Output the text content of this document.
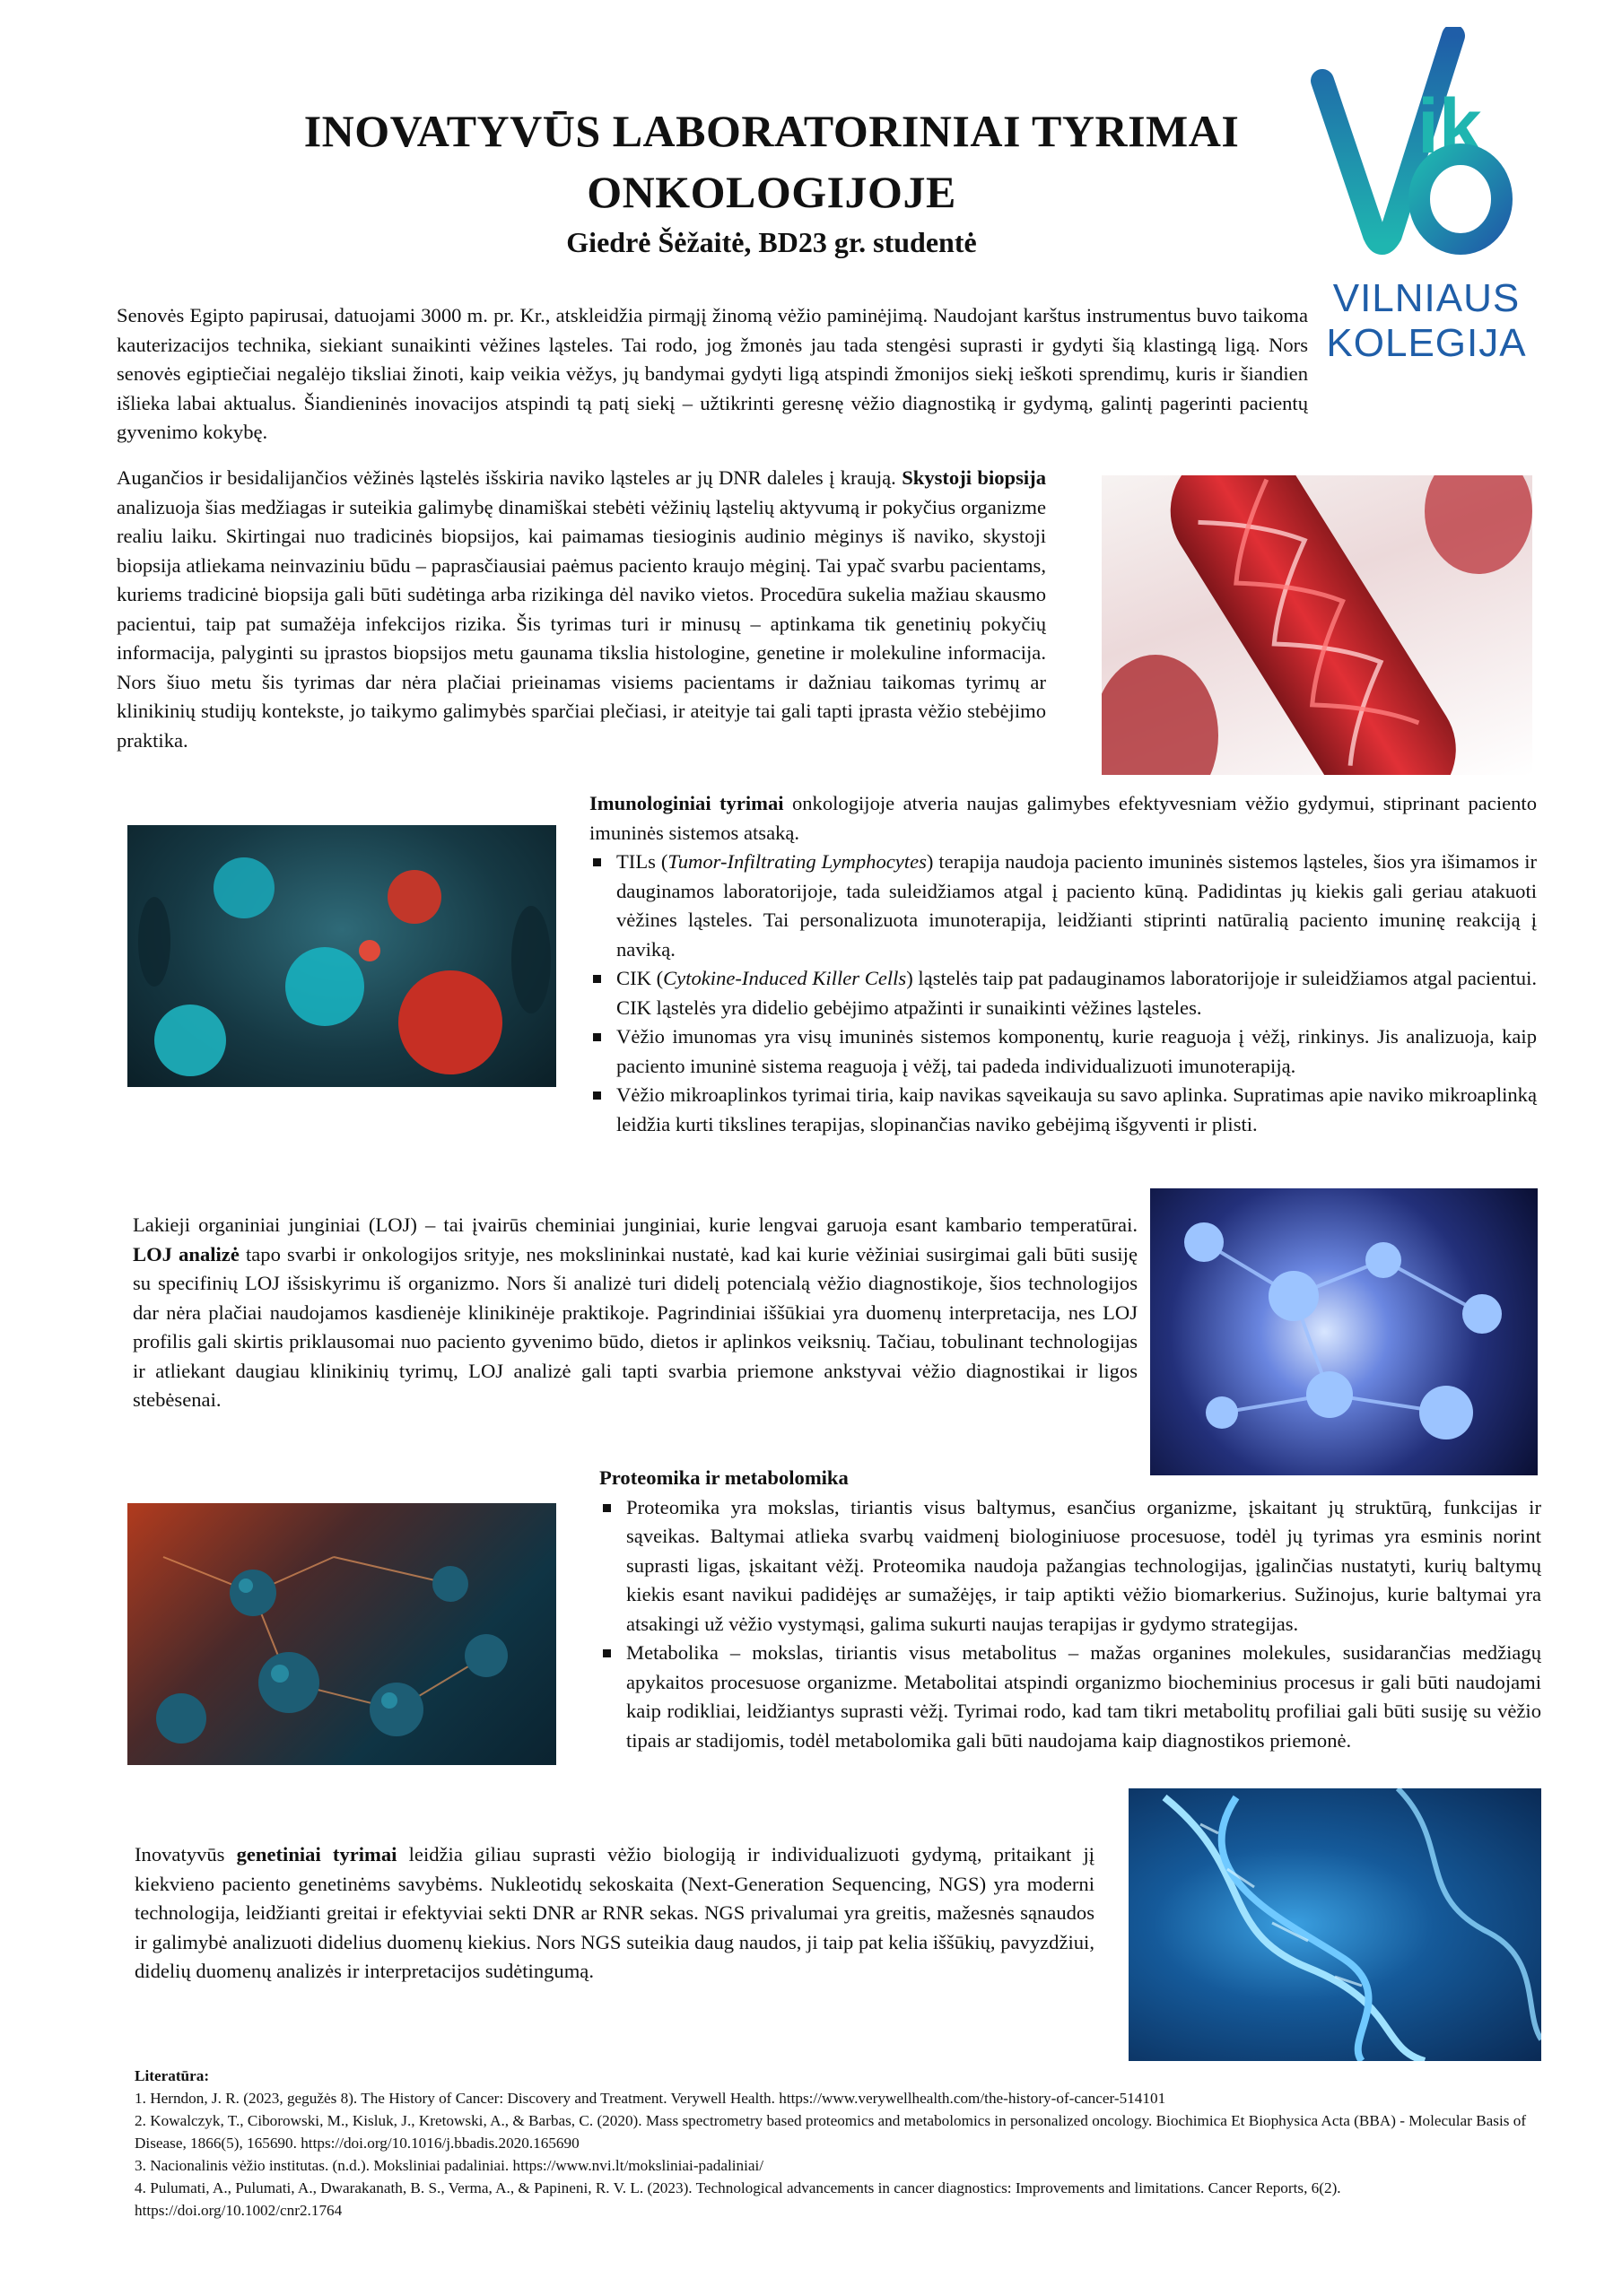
INOVATYVŪS LABORATORINIAI TYRIMAI
ONKOLOGIJOJE
Giedrė Šėžaitė, BD23 gr. studentė
ik
VILNIAUS
KOLEGIJA

Senovės Egipto papirusai, datuojami 3000 m. pr. Kr., atskleidžia pirmąjį žinomą vėžio paminėjimą. Naudojant karštus instrumentus buvo taikoma kauterizacijos technika, siekiant sunaikinti vėžines ląsteles. Tai rodo, jog žmonės jau tada stengėsi suprasti ir gydyti šią klastingą ligą. Nors senovės egiptiečiai negalėjo tiksliai žinoti, kaip veikia vėžys, jų bandymai gydyti ligą atspindi žmonijos siekį ieškoti sprendimų, kuris ir šiandien išlieka labai aktualus. Šiandieninės inovacijos atspindi tą patį siekį – užtikrinti geresnę vėžio diagnostiką ir gydymą, galintį pagerinti pacientų gyvenimo kokybę.

Augančios ir besidalijančios vėžinės ląstelės išskiria naviko ląsteles ar jų DNR daleles į kraują. Skystoji biopsija analizuoja šias medžiagas ir suteikia galimybę dinamiškai stebėti vėžinių ląstelių aktyvumą ir pokyčius organizme realiu laiku. Skirtingai nuo tradicinės biopsijos, kai paimamas tiesioginis audinio mėginys iš naviko, skystoji biopsija atliekama neinvaziniu būdu – paprasčiausiai paėmus paciento kraujo mėginį. Tai ypač svarbu pacientams, kuriems tradicinė biopsija gali būti sudėtinga arba rizikinga dėl naviko vietos. Procedūra sukelia mažiau skausmo pacientui, taip pat sumažėja infekcijos rizika. Šis tyrimas turi ir minusų – aptinkama tik genetinių pokyčių informacija, palyginti su įprastos biopsijos metu gaunama tikslia histologine, genetine ir molekuline informacija. Nors šiuo metu šis tyrimas dar nėra plačiai prieinamas visiems pacientams ir dažniau taikomas tyrimų ar klinikinių studijų kontekste, jo taikymo galimybės sparčiai plečiasi, ir ateityje tai gali tapti įprasta vėžio stebėjimo praktika.

Imunologiniai tyrimai onkologijoje atveria naujas galimybes efektyvesniam vėžio gydymui, stiprinant paciento imuninės sistemos atsaką.

TILs (Tumor-Infiltrating Lymphocytes) terapija naudoja paciento imuninės sistemos ląsteles, šios yra išimamos ir dauginamos laboratorijoje, tada suleidžiamos atgal į paciento kūną. Padidintas jų kiekis gali geriau atakuoti vėžines ląsteles. Tai personalizuota imunoterapija, leidžianti stiprinti natūralią paciento imuninę reakciją į naviką.
CIK (Cytokine-Induced Killer Cells) ląstelės taip pat padauginamos laboratorijoje ir suleidžiamos atgal pacientui. CIK ląstelės yra didelio gebėjimo atpažinti ir sunaikinti vėžines ląsteles.
Vėžio imunomas yra visų imuninės sistemos komponentų, kurie reaguoja į vėžį, rinkinys. Jis analizuoja, kaip paciento imuninė sistema reaguoja į vėžį, tai padeda individualizuoti imunoterapiją.
Vėžio mikroaplinkos tyrimai tiria, kaip navikas sąveikauja su savo aplinka. Supratimas apie naviko mikroaplinką leidžia kurti tikslines terapijas, slopinančias naviko gebėjimą išgyventi ir plisti.

Lakieji organiniai junginiai (LOJ) – tai įvairūs cheminiai junginiai, kurie lengvai garuoja esant kambario temperatūrai. LOJ analizė tapo svarbi ir onkologijos srityje, nes mokslininkai nustatė, kad kai kurie vėžiniai susirgimai gali būti susiję su specifinių LOJ išsiskyrimu iš organizmo. Nors ši analizė turi didelį potencialą vėžio diagnostikoje, šios technologijos dar nėra plačiai naudojamos kasdienėje klinikinėje praktikoje. Pagrindiniai iššūkiai yra duomenų interpretacija, nes LOJ profilis gali skirtis priklausomai nuo paciento gyvenimo būdo, dietos ir aplinkos veiksnių. Tačiau, tobulinant technologijas ir atliekant daugiau klinikinių tyrimų, LOJ analizė gali tapti svarbia priemone ankstyvai vėžio diagnostikai ir ligos stebėsenai.

Proteomika ir metabolomika

Proteomika yra mokslas, tiriantis visus baltymus, esančius organizme, įskaitant jų struktūrą, funkcijas ir sąveikas. Baltymai atlieka svarbų vaidmenį biologiniuose procesuose, todėl jų tyrimas yra esminis norint suprasti ligas, įskaitant vėžį. Proteomika naudoja pažangias technologijas, įgalinčias nustatyti, kurių baltymų kiekis esant navikui padidėjęs ar sumažėjęs, ir taip aptikti vėžio biomarkerius. Sužinojus, kurie baltymai yra atsakingi už vėžio vystymąsi, galima sukurti naujas terapijas ir gydymo strategijas.
Metabolika – mokslas, tiriantis visus metabolitus – mažas organines molekules, susidarančias medžiagų apykaitos procesuose organizme. Metabolitai atspindi organizmo biocheminius procesus ir gali būti naudojami kaip rodikliai, leidžiantys suprasti vėžį. Tyrimai rodo, kad tam tikri metabolitų profiliai gali būti susiję su vėžio tipais ar stadijomis, todėl metabolomika gali būti naudojama kaip diagnostikos priemonė.

Inovatyvūs genetiniai tyrimai leidžia giliau suprasti vėžio biologiją ir individualizuoti gydymą, pritaikant jį kiekvieno paciento genetinėms savybėms. Nukleotidų sekoskaita (Next-Generation Sequencing, NGS) yra moderni technologija, leidžianti greitai ir efektyviai sekti DNR ar RNR sekas. NGS privalumai yra greitis, mažesnės sąnaudos ir galimybė analizuoti didelius duomenų kiekius. Nors NGS suteikia daug naudos, ji taip pat kelia iššūkių, pavyzdžiui, didelių duomenų analizės ir interpretacijos sudėtingumą.

Literatūra:

1. Herndon, J. R. (2023, gegužės 8). The History of Cancer: Discovery and Treatment. Verywell Health. https://www.verywellhealth.com/the-history-of-cancer-514101

2. Kowalczyk, T., Ciborowski, M., Kisluk, J., Kretowski, A., & Barbas, C. (2020). Mass spectrometry based proteomics and metabolomics in personalized oncology. Biochimica Et Biophysica Acta (BBA) - Molecular Basis of Disease, 1866(5), 165690. https://doi.org/10.1016/j.bbadis.2020.165690

3. Nacionalinis vėžio institutas. (n.d.). Moksliniai padaliniai. https://www.nvi.lt/moksliniai-padaliniai/

4. Pulumati, A., Pulumati, A., Dwarakanath, B. S., Verma, A., & Papineni, R. V. L. (2023). Technological advancements in cancer diagnostics: Improvements and limitations. Cancer Reports, 6(2). https://doi.org/10.1002/cnr2.1764
